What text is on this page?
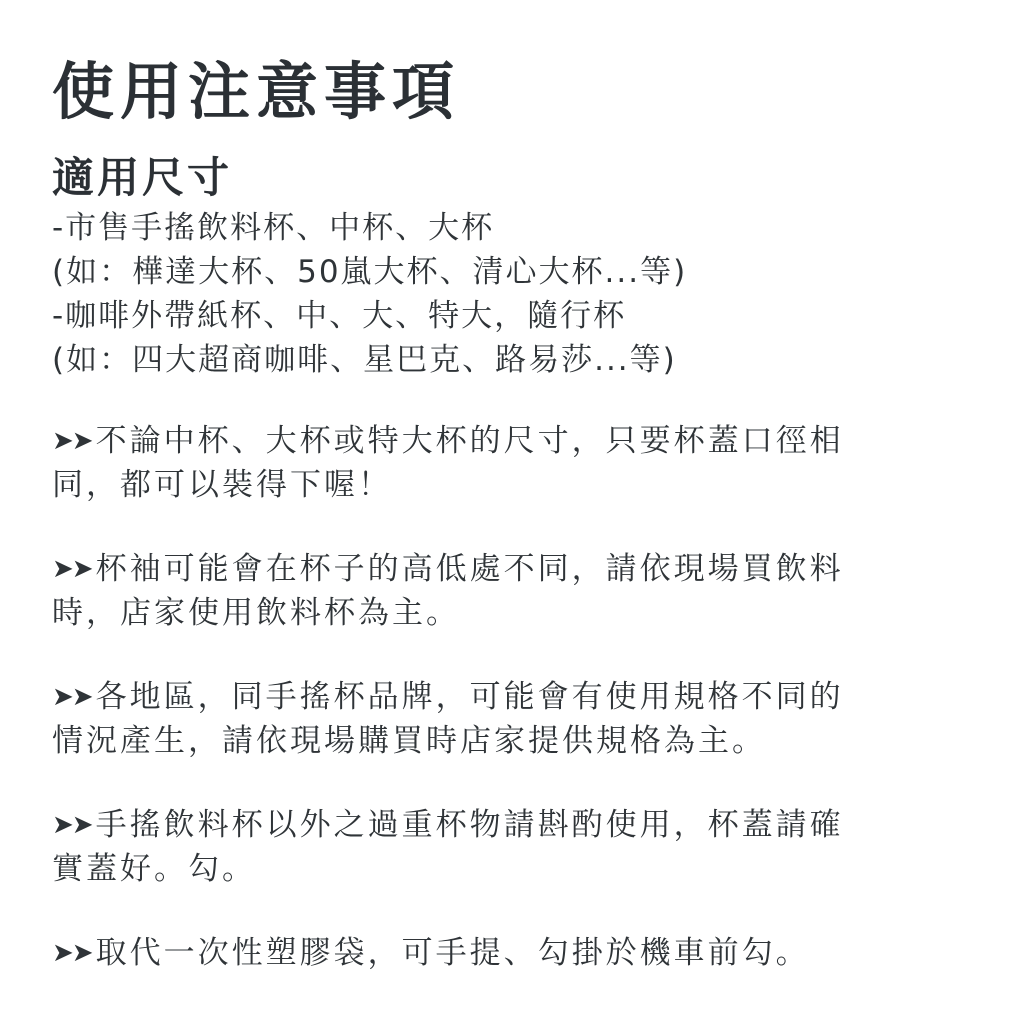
使用注意事項
適用尺寸
-市售手搖飲料杯、中杯、大杯
(如：樺達大杯、50嵐大杯、清心大杯...等)
-咖啡外帶紙杯、中、大、特大，隨行杯
(如：四大超商咖啡、星巴克、路易莎...等)
➤➤ 不論中杯、大杯或特大杯的尺寸，只要杯蓋口徑相
同，都可以裝得下喔！
➤➤ 杯袖可能會在杯子的高低處不同，請依現場買飲料
時，店家使用飲料杯為主。
➤➤ 各地區，同手搖杯品牌，可能會有使用規格不同的
情況產生，請依現場購買時店家提供規格為主。
➤➤ 手搖飲料杯以外之過重杯物請斟酌使用，杯蓋請確
實蓋好。勾。
➤➤ 取代一次性塑膠袋，可手提、勾掛於機車前勾。
